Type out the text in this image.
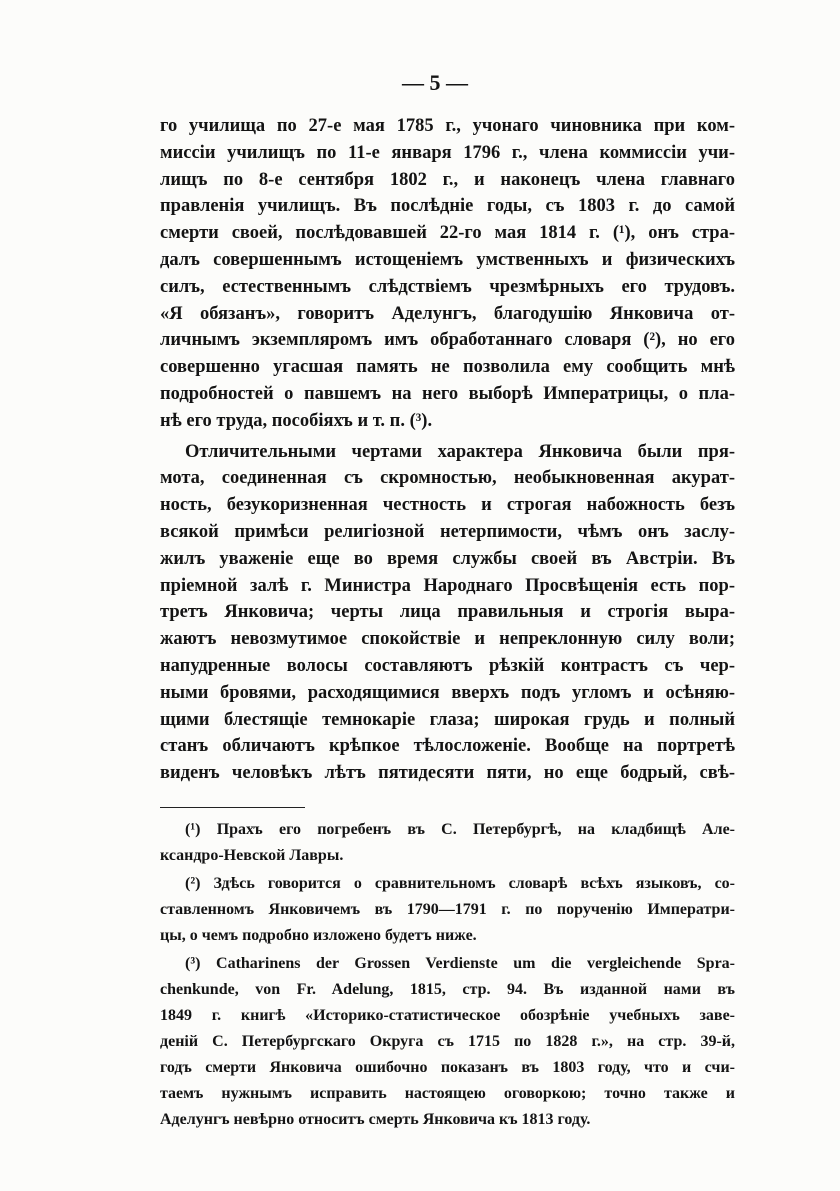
— 5 —
го училища по 27-е мая 1785 г., учонаго чиновника при ком-
миссіи училищъ по 11-е января 1796 г., члена коммиссіи учи-
лищъ по 8-е сентября 1802 г., и наконецъ члена главнаго
правленія училищъ. Въ послѣдніе годы, съ 1803 г. до самой
смерти своей, послѣдовавшей 22-го мая 1814 г. (¹), онъ стра-
далъ совершеннымъ истощеніемъ умственныхъ и физическихъ
силъ, естественнымъ слѣдствіемъ чрезмѣрныхъ его трудовъ.
«Я обязанъ», говоритъ Аделунгъ, благодушію Янковича от-
личнымъ экземпляромъ имъ обработаннаго словаря (²), но его
совершенно угасшая память не позволила ему сообщить мнѣ
подробностей о павшемъ на него выборѣ Императрицы, о пла-
нѣ его труда, пособіяхъ и т. п. (³).
Отличительными чертами характера Янковича были пря-
мота, соединенная съ скромностью, необыкновенная акурат-
ность, безукоризненная честность и строгая набожность безъ
всякой примѣси религіозной нетерпимости, чѣмъ онъ заслу-
жилъ уваженіе еще во время службы своей въ Австріи. Въ
пріемной залѣ г. Министра Народнаго Просвѣщенія есть пор-
третъ Янковича; черты лица правильныя и строгія выра-
жаютъ невозмутимое спокойствіе и непреклонную силу воли;
напудренные волосы составляютъ рѣзкій контрастъ съ чер-
ными бровями, расходящимися вверхъ подъ угломъ и осѣняю-
щими блестящіе темнокаріе глаза; широкая грудь и полный
станъ обличаютъ крѣпкое тѣлосложеніе. Вообще на портретѣ
виденъ человѣкъ лѣтъ пятидесяти пяти, но еще бодрый, свѣ-
(¹) Прахъ его погребенъ въ С. Петербургѣ, на кладбищѣ Але-
ксандро-Невской Лавры.
(²) Здѣсь говорится о сравнительномъ словарѣ всѣхъ языковъ, со-
ставленномъ Янковичемъ въ 1790—1791 г. по порученію Императри-
цы, о чемъ подробно изложено будетъ ниже.
(³) Catharinens der Grossen Verdienste um die vergleichende Spra-
chenkunde, von Fr. Adelung, 1815, стр. 94. Въ изданной нами въ
1849 г. книгѣ «Историко-статистическое обозрѣніе учебныхъ заве-
деній С. Петербургскаго Округа съ 1715 по 1828 г.», на стр. 39-й,
годъ смерти Янковича ошибочно показанъ въ 1803 году, что и счи-
таемъ нужнымъ исправить настоящею оговоркою; точно также и
Аделунгъ невѣрно относитъ смерть Янковича къ 1813 году.
